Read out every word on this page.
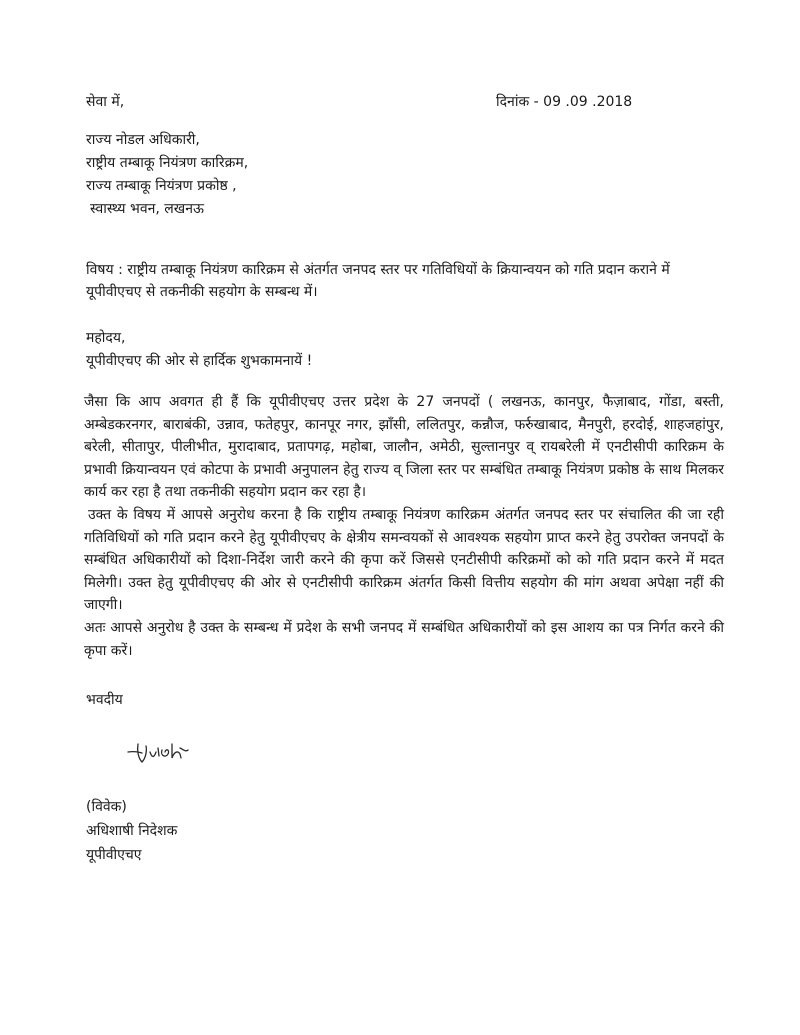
सेवा में,	दिनांक - 09 .09 .2018
राज्य नोडल अधिकारी,
राष्ट्रीय तम्बाकू नियंत्रण कारिक्रम,
राज्य तम्बाकू नियंत्रण प्रकोष्ठ ,
स्वास्थ्य भवन, लखनऊ
विषय : राष्ट्रीय तम्बाकू नियंत्रण कारिक्रम से अंतर्गत जनपद स्तर पर गतिविधियों के क्रियान्वयन को गति प्रदान कराने में यूपीवीएचए से तकनीकी सहयोग के सम्बन्ध में।
महोदय,
यूपीवीएचए की ओर से हार्दिक शुभकामनायें !
जैसा कि आप अवगत ही हैं कि यूपीवीएचए उत्तर प्रदेश के 27 जनपदों ( लखनऊ, कानपुर, फैज़ाबाद, गोंडा, बस्ती, अम्बेडकरनगर, बाराबंकी, उन्नाव, फतेहपुर, कानपूर नगर, झाँसी, ललितपुर, कन्नौज, फर्रुखाबाद, मैनपुरी, हरदोई, शाहजहांपुर, बरेली, सीतापुर, पीलीभीत, मुरादाबाद, प्रतापगढ़, महोबा, जालौन, अमेठी, सुल्तानपुर व् रायबरेली में एनटीसीपी कारिक्रम के प्रभावी क्रियान्वयन एवं कोटपा के प्रभावी अनुपालन हेतु राज्य व् जिला स्तर पर सम्बंधित तम्बाकू नियंत्रण प्रकोष्ठ के साथ मिलकर कार्य कर रहा है तथा तकनीकी सहयोग प्रदान कर रहा है।
उक्त के विषय में आपसे अनुरोध करना है कि राष्ट्रीय तम्बाकू नियंत्रण कारिक्रम अंतर्गत जनपद स्तर पर संचालित की जा रही गतिविधियों को गति प्रदान करने हेतु यूपीवीएचए के क्षेत्रीय समन्वयकों से आवश्यक सहयोग प्राप्त करने हेतु उपरोक्त जनपदों के सम्बंधित अधिकारीयों को दिशा-निर्देश जारी करने की कृपा करें जिससे एनटीसीपी करिक्रमों को को गति प्रदान करने में मदत मिलेगी। उक्त हेतु यूपीवीएचए की ओर से एनटीसीपी कारिक्रम अंतर्गत किसी वित्तीय सहयोग की मांग अथवा अपेक्षा नहीं की जाएगी।
अतः आपसे अनुरोध है उक्त के सम्बन्ध में प्रदेश के सभी जनपद में सम्बंधित अधिकारीयों को इस आशय का पत्र निर्गत करने की कृपा करें।
भवदीय
(विवेक)
अधिशाषी निदेशक
यूपीवीएचए
